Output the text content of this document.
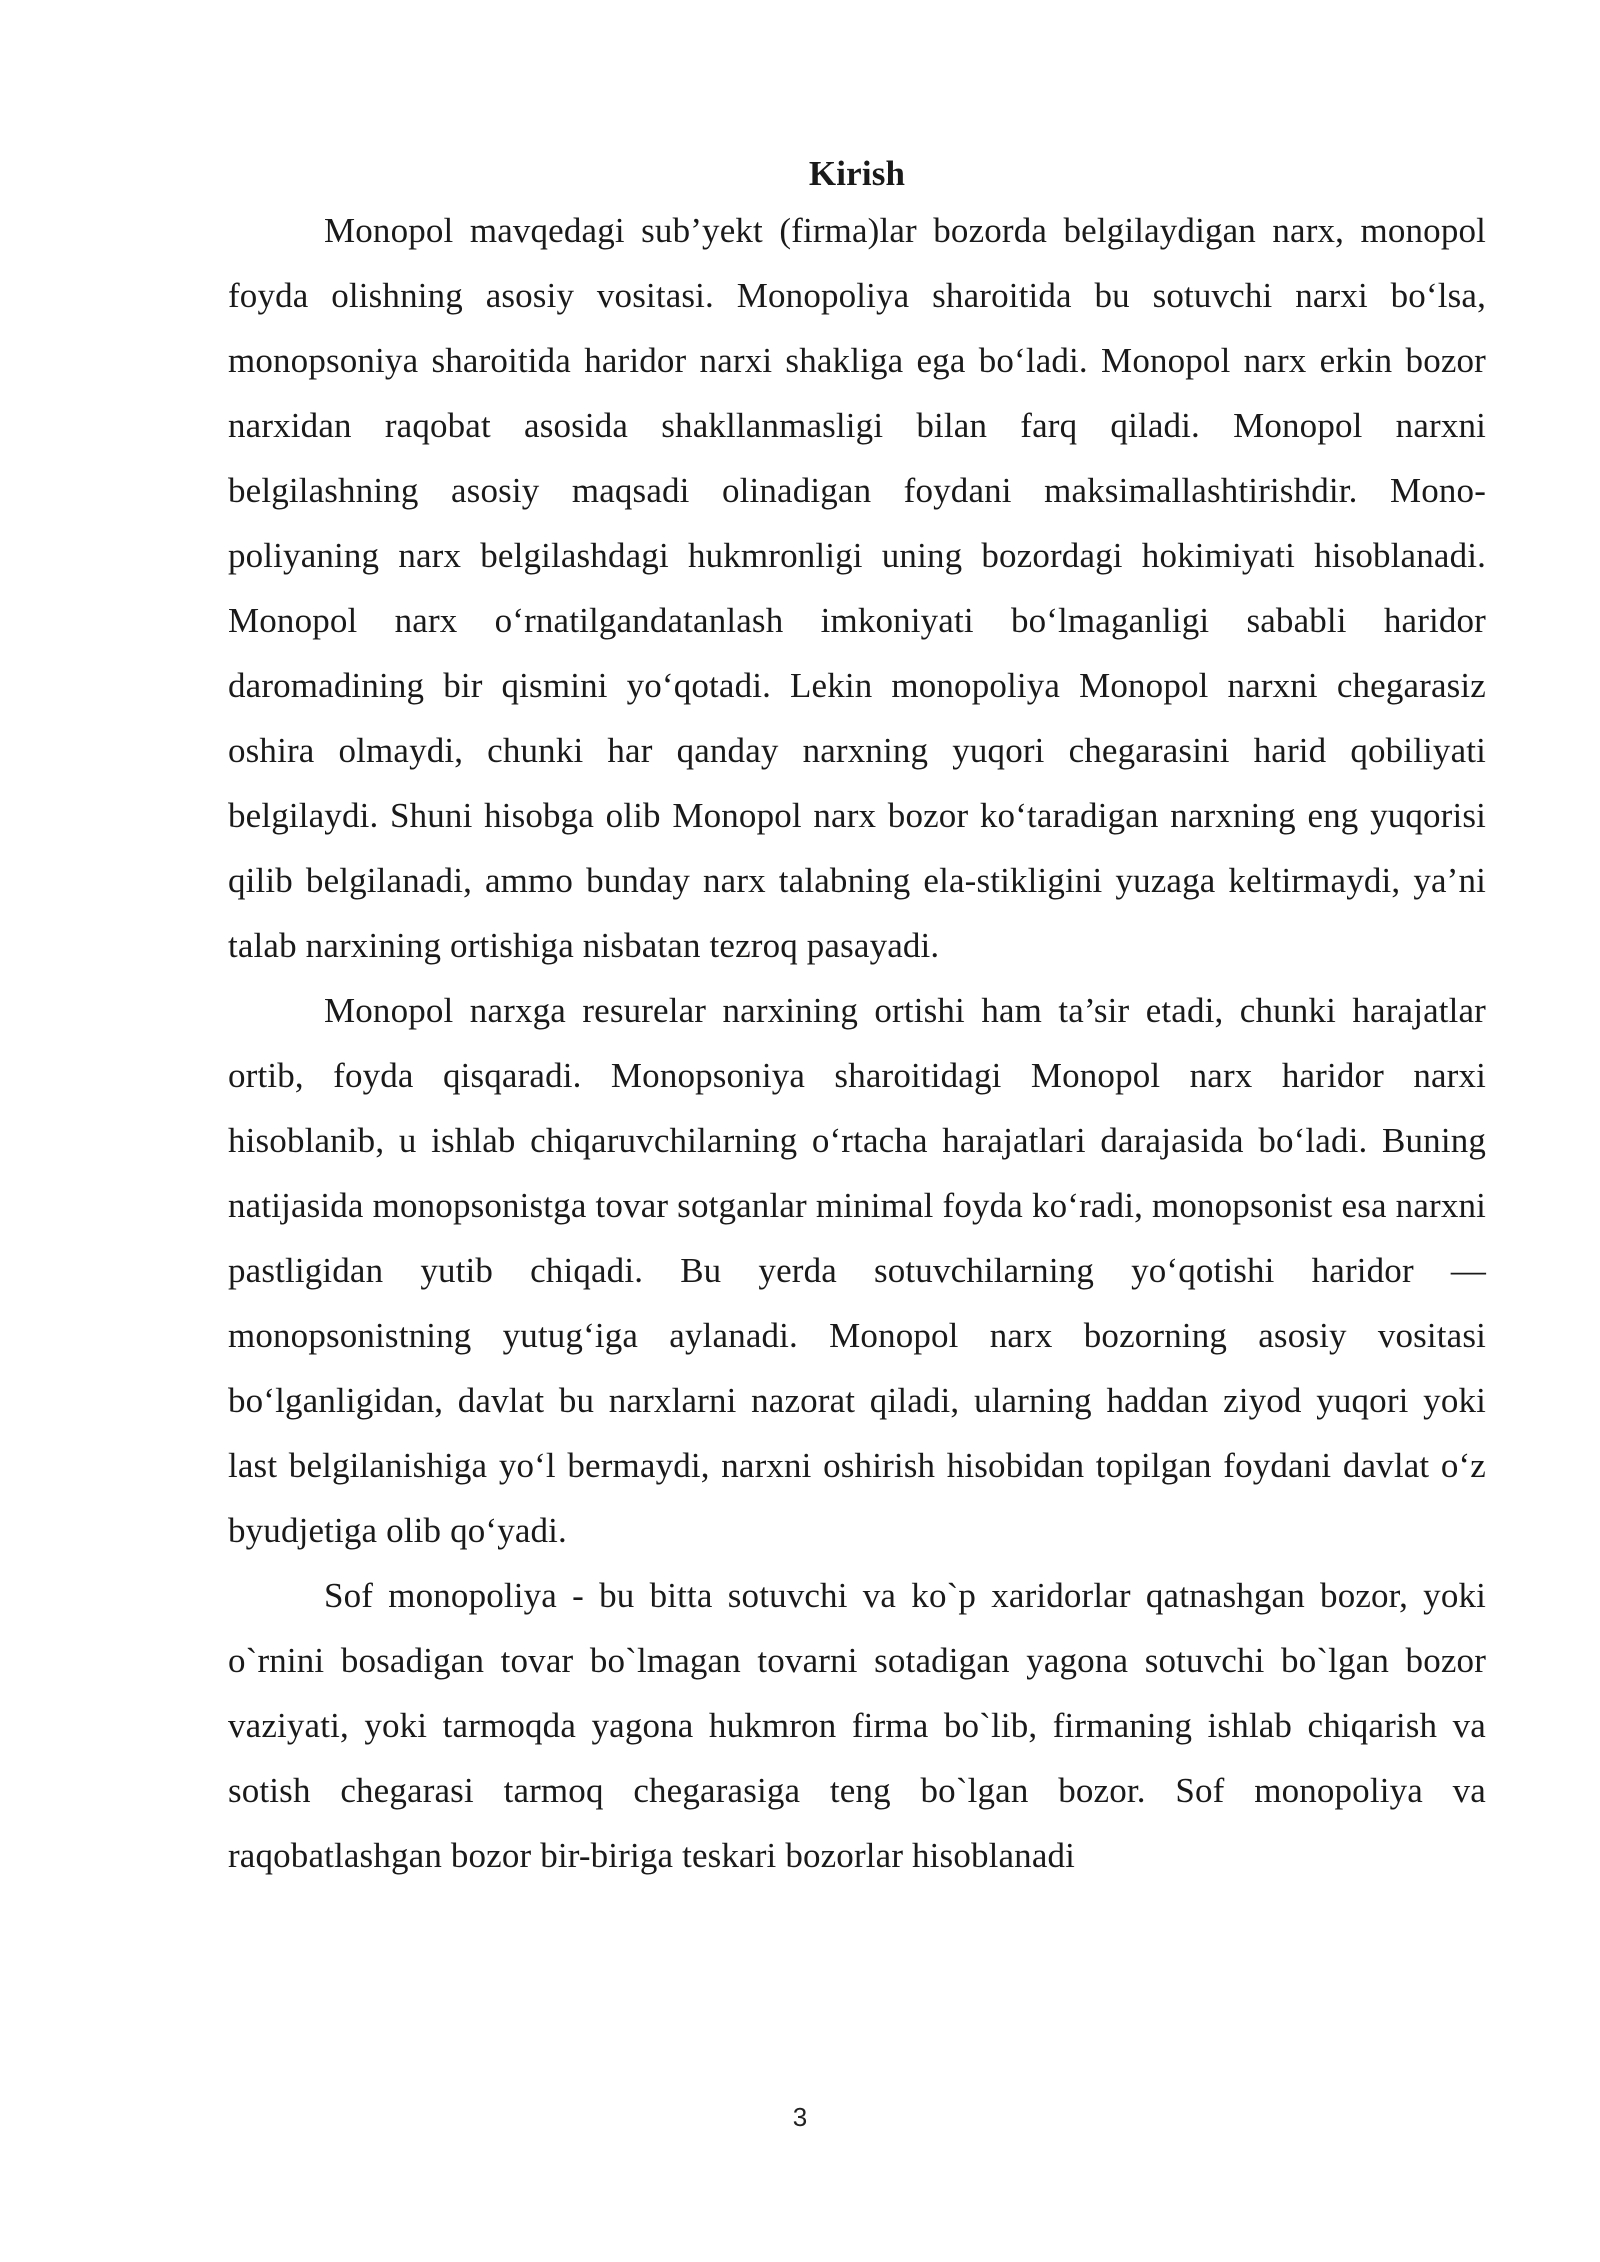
Kirish

Monopol mavqedagi sub’yekt (firma)lar bozorda belgilaydigan narx, monopol foyda olishning asosiy vositasi. Monopoliya sharoitida bu sotuvchi narxi bo‘lsa, monopsoniya sharoitida haridor narxi shakliga ega bo‘ladi. Monopol narx erkin bozor narxidan raqobat asosida shakllanmasligi bilan farq qiladi. Monopol narxni belgilashning asosiy maqsadi olinadigan foydani maksimallashtirishdir. Mono-poliyaning narx belgilashdagi hukmronligi uning bozordagi hokimiyati hisoblanadi. Monopol narx o‘rnatilgandatanlash imkoniyati bo‘lmaganligi sababli haridor daromadining bir qismini yo‘qotadi. Lekin monopoliya Monopol narxni chegarasiz oshira olmaydi, chunki har qanday narxning yuqori chegarasini harid qobiliyati belgilaydi. Shuni hisobga olib Monopol narx bozor ko‘taradigan narxning eng yuqorisi qilib belgilanadi, ammo bunday narx talabning ela-stikligini yuzaga keltirmaydi, ya’ni talab narxining ortishiga nisbatan tezroq pasayadi.

Monopol narxga resurelar narxining ortishi ham ta’sir etadi, chunki harajatlar ortib, foyda qisqaradi. Monopsoniya sharoitidagi Monopol narx haridor narxi hisoblanib, u ishlab chiqaruvchilarning o‘rtacha harajatlari darajasida bo‘ladi. Buning natijasida monopsonistga tovar sotganlar minimal foyda ko‘radi, monopsonist esa narxni pastligidan yutib chiqadi. Bu yerda sotuvchilarning yo‘qotishi haridor — monopsonistning yutug‘iga aylanadi. Monopol narx bozorning asosiy vositasi bo‘lganligidan, davlat bu narxlarni nazorat qiladi, ularning haddan ziyod yuqori yoki last belgilanishiga yo‘l bermaydi, narxni oshirish hisobidan topilgan foydani davlat o‘z byudjetiga olib qo‘yadi.

Sof monopoliya - bu bitta sotuvchi va ko`p xaridorlar qatnashgan bozor, yoki o`rnini bosadigan tovar bo`lmagan tovarni sotadigan yagona sotuvchi bo`lgan bozor vaziyati, yoki tarmoqda yagona hukmron firma bo`lib, firmaning ishlab chiqarish va sotish chegarasi tarmoq chegarasiga teng bo`lgan bozor. Sof monopoliya va raqobatlashgan bozor bir-biriga teskari bozorlar hisoblanadi

3
